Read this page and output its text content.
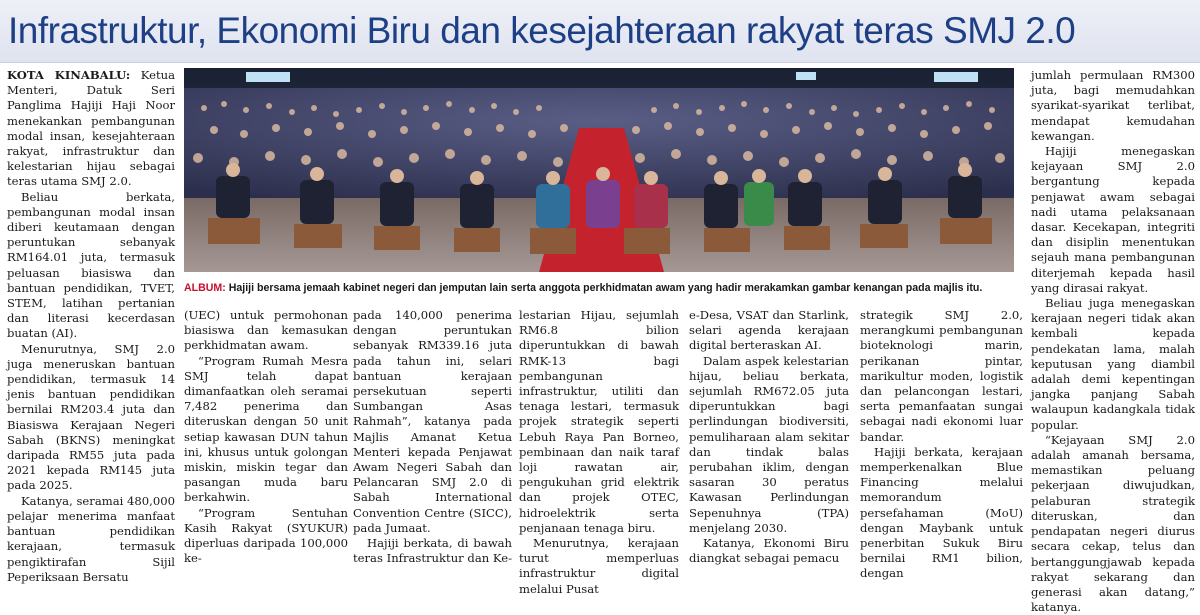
Infrastruktur, Ekonomi Biru dan kesejahteraan rakyat teras SMJ 2.0

KOTA KINABALU: Ketua Menteri, Datuk Seri Panglima Hajiji Haji Noor menekankan pembangunan modal insan, kesejahteraan rakyat, infrastruktur dan kelestarian hijau sebagai teras utama SMJ 2.0.

Beliau berkata, pembangunan modal insan diberi keutamaan dengan peruntukan sebanyak RM164.01 juta, termasuk peluasan biasiswa dan bantuan pendidikan, TVET, STEM, latihan pertanian dan literasi kecerdasan buatan (AI).

Menurutnya, SMJ 2.0 juga meneruskan bantuan pendidikan, termasuk 14 jenis bantuan pendidikan bernilai RM203.4 juta dan Biasiswa Kerajaan Negeri Sabah (BKNS) meningkat daripada RM55 juta pada 2021 kepada RM145 juta pada 2025.

Katanya, seramai 480,000 pelajar menerima manfaat bantuan pendidikan kerajaan, termasuk pengiktirafan Sijil Peperiksaan Bersatu

ALBUM: Hajiji bersama jemaah kabinet negeri dan jemputan lain serta anggota perkhidmatan awam yang hadir merakamkan gambar kenangan pada majlis itu.

(UEC) untuk permohonan biasiswa dan kemasukan perkhidmatan awam.

“Program Rumah Mesra SMJ telah dapat dimanfaatkan oleh seramai 7,482 penerima dan diteruskan dengan 50 unit setiap kawasan DUN tahun ini, khusus untuk golongan miskin, miskin tegar dan pasangan muda baru berkahwin.

“Program Sentuhan Kasih Rakyat (SYUKUR) diperluas daripada 100,000 ke-

pada 140,000 penerima dengan peruntukan sebanyak RM339.16 juta pada tahun ini, selari bantuan kerajaan persekutuan seperti Sumbangan Asas Rahmah”, katanya pada Majlis Amanat Ketua Menteri kepada Penjawat Awam Negeri Sabah dan Pelancaran SMJ 2.0 di Sabah International Convention Centre (SICC), pada Jumaat.

Hajiji berkata, di bawah teras Infrastruktur dan Ke-

lestarian Hijau, sejumlah RM6.8 bilion diperuntukkan di bawah RMK-13 bagi pembangunan infrastruktur, utiliti dan tenaga lestari, termasuk projek strategik seperti Lebuh Raya Pan Borneo, pembinaan dan naik taraf loji rawatan air, pengukuhan grid elektrik dan projek OTEC, hidroelektrik serta penjanaan tenaga biru.

Menurutnya, kerajaan turut memperluas infrastruktur digital melalui Pusat

e-Desa, VSAT dan Starlink, selari agenda kerajaan digital berteraskan AI.

Dalam aspek kelestarian hijau, beliau berkata, sejumlah RM672.05 juta diperuntukkan bagi perlindungan biodiversiti, pemuliharaan alam sekitar dan tindak balas perubahan iklim, dengan sasaran 30 peratus Kawasan Perlindungan Sepenuhnya (TPA) menjelang 2030.

Katanya, Ekonomi Biru diangkat sebagai pemacu

strategik SMJ 2.0, merangkumi pembangunan bioteknologi marin, perikanan pintar, marikultur moden, logistik dan pelancongan lestari, serta pemanfaatan sungai sebagai nadi ekonomi luar bandar.

Hajiji berkata, kerajaan memperkenalkan Blue Financing melalui memorandum persefahaman (MoU) dengan Maybank untuk penerbitan Sukuk Biru bernilai RM1 bilion, dengan

jumlah permulaan RM300 juta, bagi memudahkan syarikat-syarikat terlibat, mendapat kemudahan kewangan.

Hajiji menegaskan kejayaan SMJ 2.0 bergantung kepada penjawat awam sebagai nadi utama pelaksanaan dasar. Kecekapan, integriti dan disiplin menentukan sejauh mana pembangunan diterjemah kepada hasil yang dirasai rakyat.

Beliau juga menegaskan kerajaan negeri tidak akan kembali kepada pendekatan lama, malah keputusan yang diambil adalah demi kepentingan jangka panjang Sabah walaupun kadangkala tidak popular.

“Kejayaan SMJ 2.0 adalah amanah bersama, memastikan peluang pekerjaan diwujudkan, pelaburan strategik diteruskan, dan pendapatan negeri diurus secara cekap, telus dan bertanggungjawab kepada rakyat sekarang dan generasi akan datang,” katanya.
